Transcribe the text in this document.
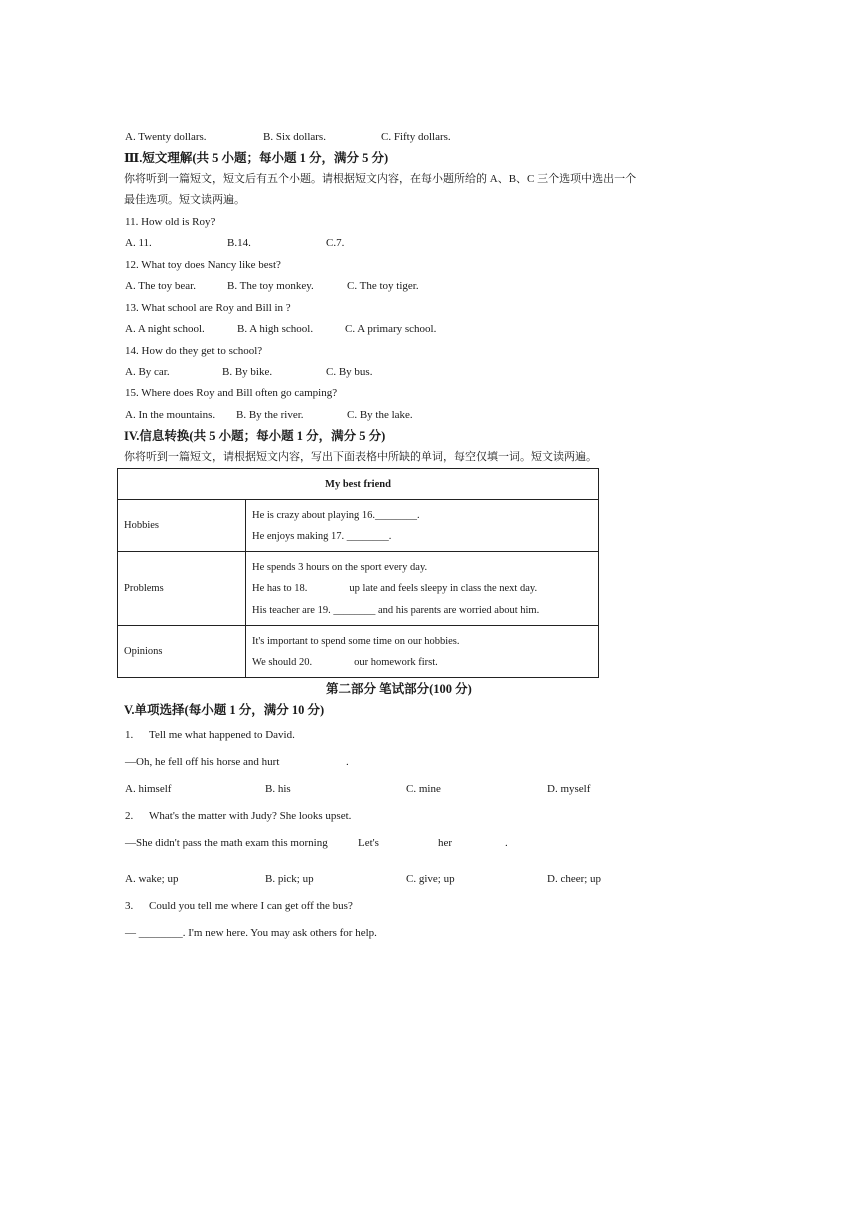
A. Twenty dollars.	B. Six dollars.	C. Fifty dollars.
Ⅲ.短文理解(共 5 小题；每小题 1 分，满分 5 分)
你将听到一篇短文，短文后有五个小题。请根据短文内容，在每小题所给的 A、B、C 三个选项中选出一个
最佳选项。短文读两遍。
11. How old is Roy?
A. 11.	B.14.	C.7.
12. What toy does Nancy like best?
A. The toy bear.	B. The toy monkey.	C. The toy tiger.
13. What school are Roy and Bill in ?
A. A night school.	B. A high school.	C. A primary school.
14. How do they get to school?
A. By car.	B. By bike.	C. By bus.
15. Where does Roy and Bill often go camping?
A. In the mountains. B. By the river.	C. By the lake.
IV.信息转换(共 5 小题；每小题 1 分，满分 5 分)
你将听到一篇短文，请根据短文内容，写出下面表格中所缺的单词，每空仅填一词。短文读两遍。
My best friend
Hobbies
He is crazy about playing 16.________.
He enjoys making 17. ________.
Problems
He spends 3 hours on the sport every day.
He has to 18.                up late and feels sleepy in class the next day.
His teacher are 19. ________ and his parents are worried about him.
Opinions
It's important to spend some time on our hobbies.
We should 20.                our homework first.
第二部分 笔试部分(100 分)
V.单项选择(每小题 1 分，满分 10 分)
1. Tell me what happened to David.
—Oh, he fell off his horse and hurt	.
A. himself	B. his	C. mine	D. myself
2. What's the matter with Judy? She looks upset.
—She didn't pass the math exam this morning	Let's	her	.
A. wake; up	B. pick; up	C. give; up	D. cheer; up
3. Could you tell me where I can get off the bus?
— ________. I'm new here. You may ask others for help.
